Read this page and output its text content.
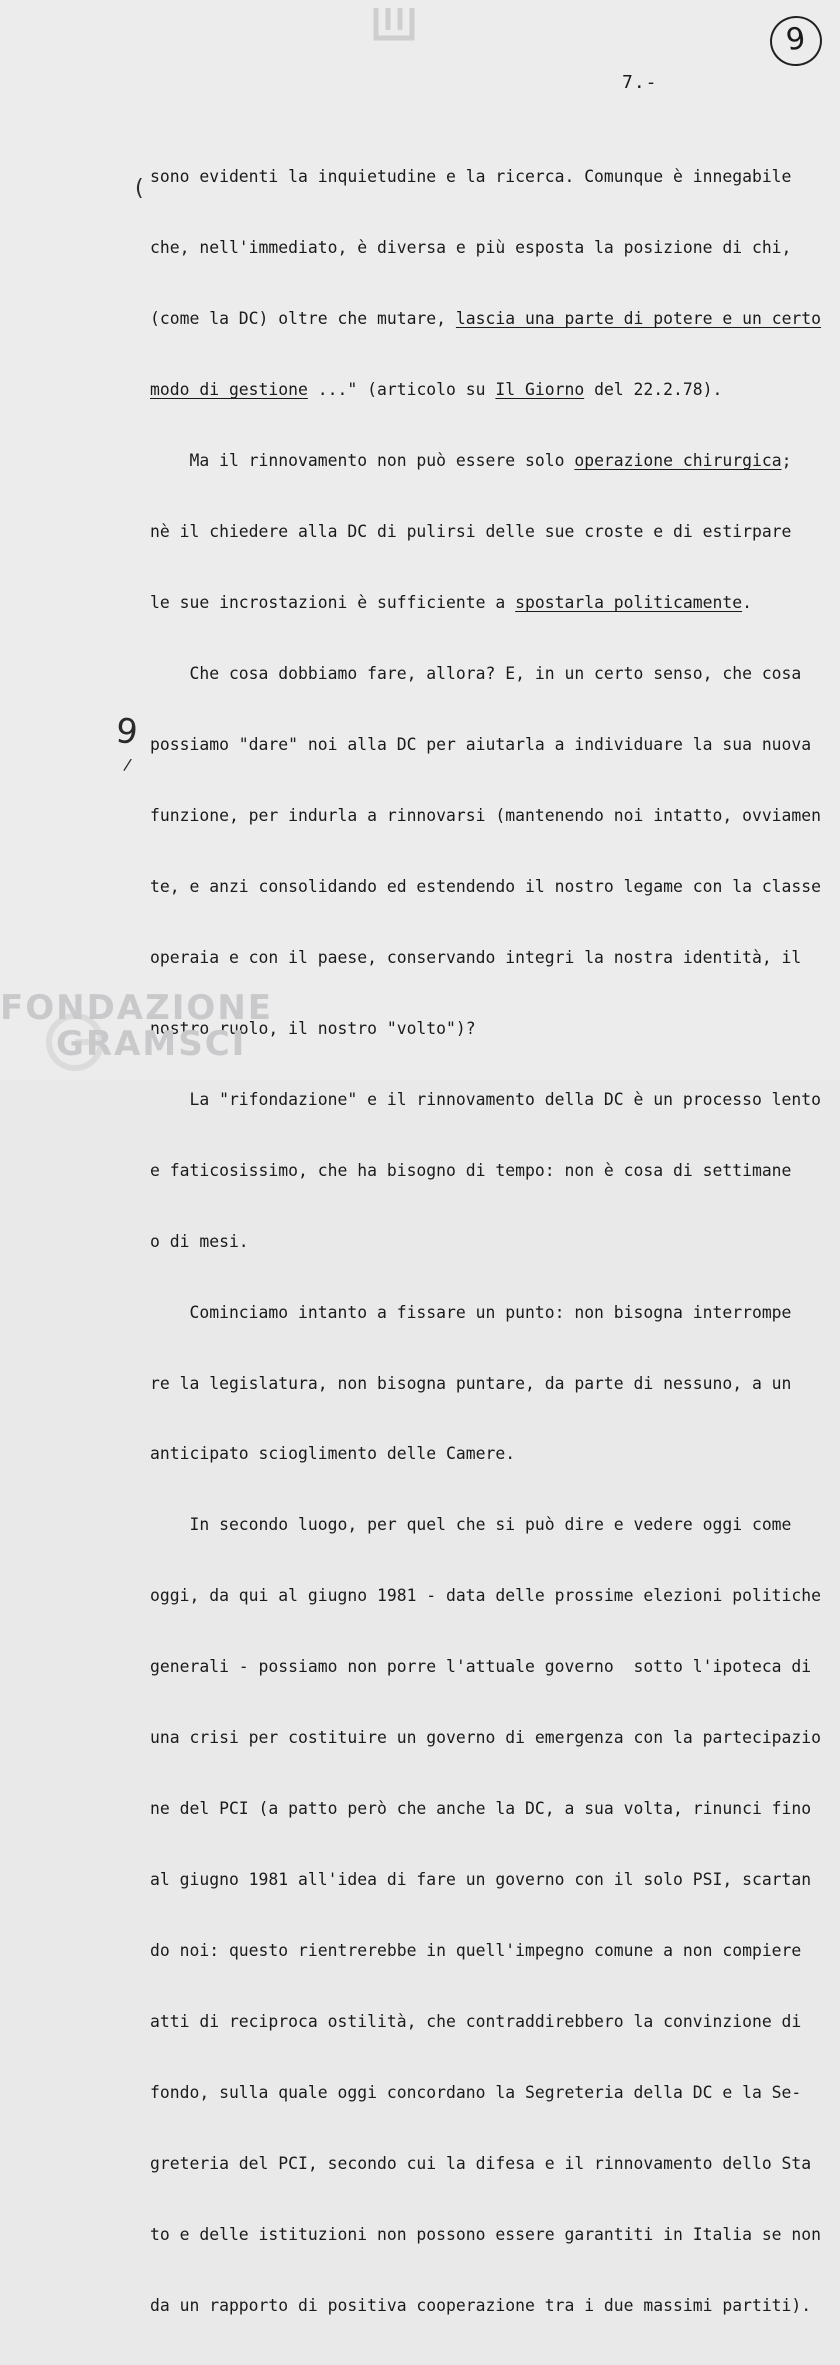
9
7.-
(
9
/

sono evidenti la inquietudine e la ricerca. Comunque è innegabile

che, nell'immediato, è diversa e più esposta la posizione di chi,

(come la DC) oltre che mutare, lascia una parte di potere e un certo

modo di gestione ..." (articolo su Il Giorno del 22.2.78).

Ma il rinnovamento non può essere solo operazione chirurgica;

nè il chiedere alla DC di pulirsi delle sue croste e di estirpare

le sue incrostazioni è sufficiente a spostarla politicamente.

Che cosa dobbiamo fare, allora? E, in un certo senso, che cosa

possiamo "dare" noi alla DC per aiutarla a individuare la sua nuova

funzione, per indurla a rinnovarsi (mantenendo noi intatto, ovviamen

te, e anzi consolidando ed estendendo il nostro legame con la classe

operaia e con il paese, conservando integri la nostra identità, il

nostro ruolo, il nostro "volto")?

La "rifondazione" e il rinnovamento della DC è un processo lento

e faticosissimo, che ha bisogno di tempo: non è cosa di settimane

o di mesi.

Cominciamo intanto a fissare un punto: non bisogna interrompe

re la legislatura, non bisogna puntare, da parte di nessuno, a un

anticipato scioglimento delle Camere.

In secondo luogo, per quel che si può dire e vedere oggi come

oggi, da qui al giugno 1981 - data delle prossime elezioni politiche

generali - possiamo non porre l'attuale governo  sotto l'ipoteca di

una crisi per costituire un governo di emergenza con la partecipazio

ne del PCI (a patto però che anche la DC, a sua volta, rinunci fino

al giugno 1981 all'idea di fare un governo con il solo PSI, scartan

do noi: questo rientrerebbe in quell'impegno comune a non compiere

atti di reciproca ostilità, che contraddirebbero la convinzione di

fondo, sulla quale oggi concordano la Segreteria della DC e la Se-

greteria del PCI, secondo cui la difesa e il rinnovamento dello Sta

to e delle istituzioni non possono essere garantiti in Italia se non

da un rapporto di positiva cooperazione tra i due massimi partiti).

FONDAZIONE
GRAMSCI
